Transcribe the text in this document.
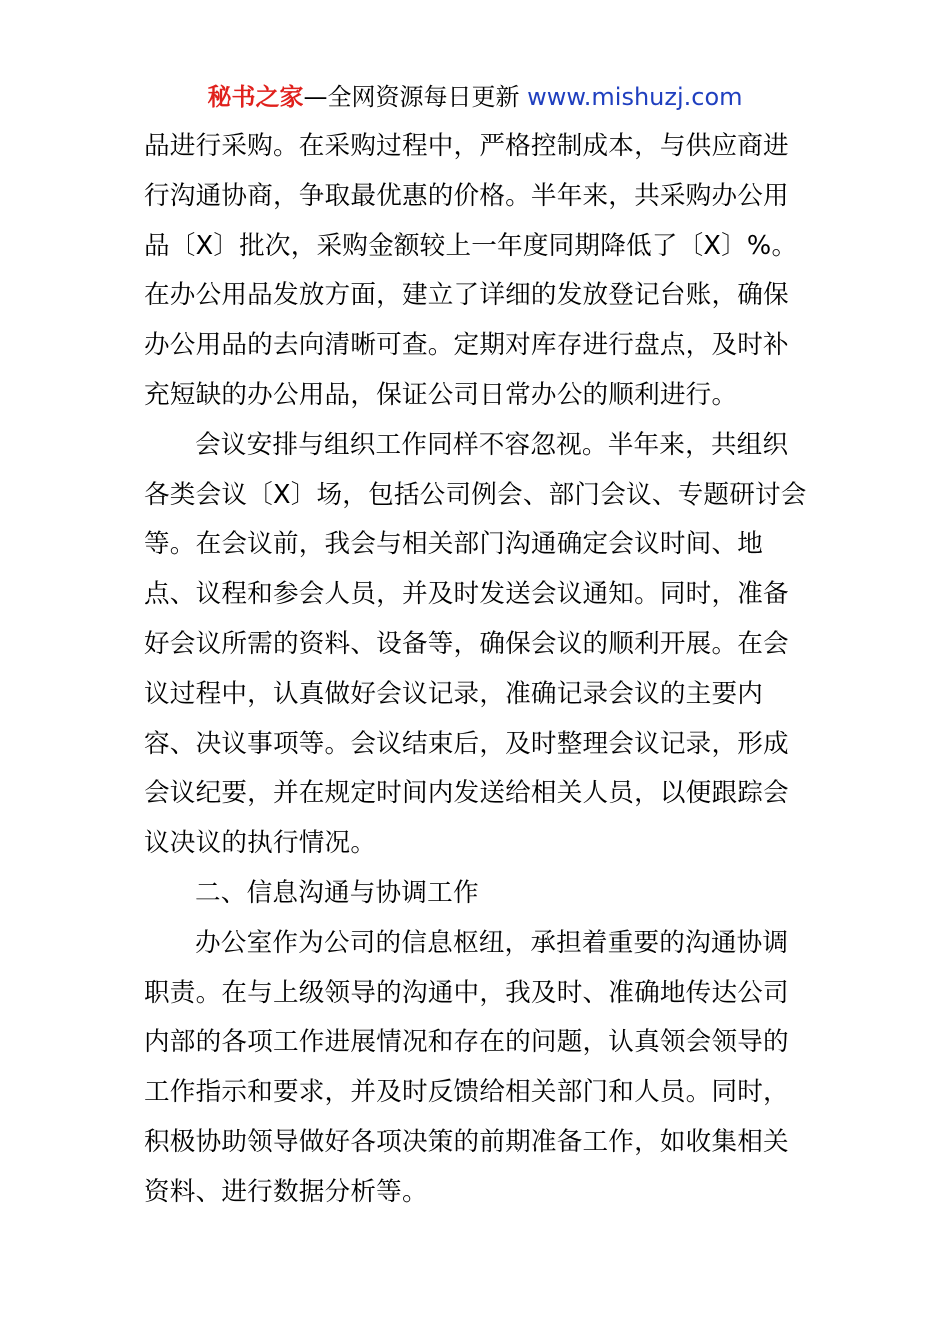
秘书之家—全网资源每日更新 www.mishuzj.com
品进行采购。在采购过程中，严格控制成本，与供应商进
行沟通协商，争取最优惠的价格。半年来，共采购办公用
品〔X〕批次，采购金额较上一年度同期降低了〔X〕%。
在办公用品发放方面，建立了详细的发放登记台账，确保
办公用品的去向清晰可查。定期对库存进行盘点，及时补
充短缺的办公用品，保证公司日常办公的顺利进行。
会议安排与组织工作同样不容忽视。半年来，共组织
各类会议〔X〕场，包括公司例会、部门会议、专题研讨会
等。在会议前，我会与相关部门沟通确定会议时间、地
点、议程和参会人员，并及时发送会议通知。同时，准备
好会议所需的资料、设备等，确保会议的顺利开展。在会
议过程中，认真做好会议记录，准确记录会议的主要内
容、决议事项等。会议结束后，及时整理会议记录，形成
会议纪要，并在规定时间内发送给相关人员，以便跟踪会
议决议的执行情况。
二、信息沟通与协调工作
办公室作为公司的信息枢纽，承担着重要的沟通协调
职责。在与上级领导的沟通中，我及时、准确地传达公司
内部的各项工作进展情况和存在的问题，认真领会领导的
工作指示和要求，并及时反馈给相关部门和人员。同时，
积极协助领导做好各项决策的前期准备工作，如收集相关
资料、进行数据分析等。
